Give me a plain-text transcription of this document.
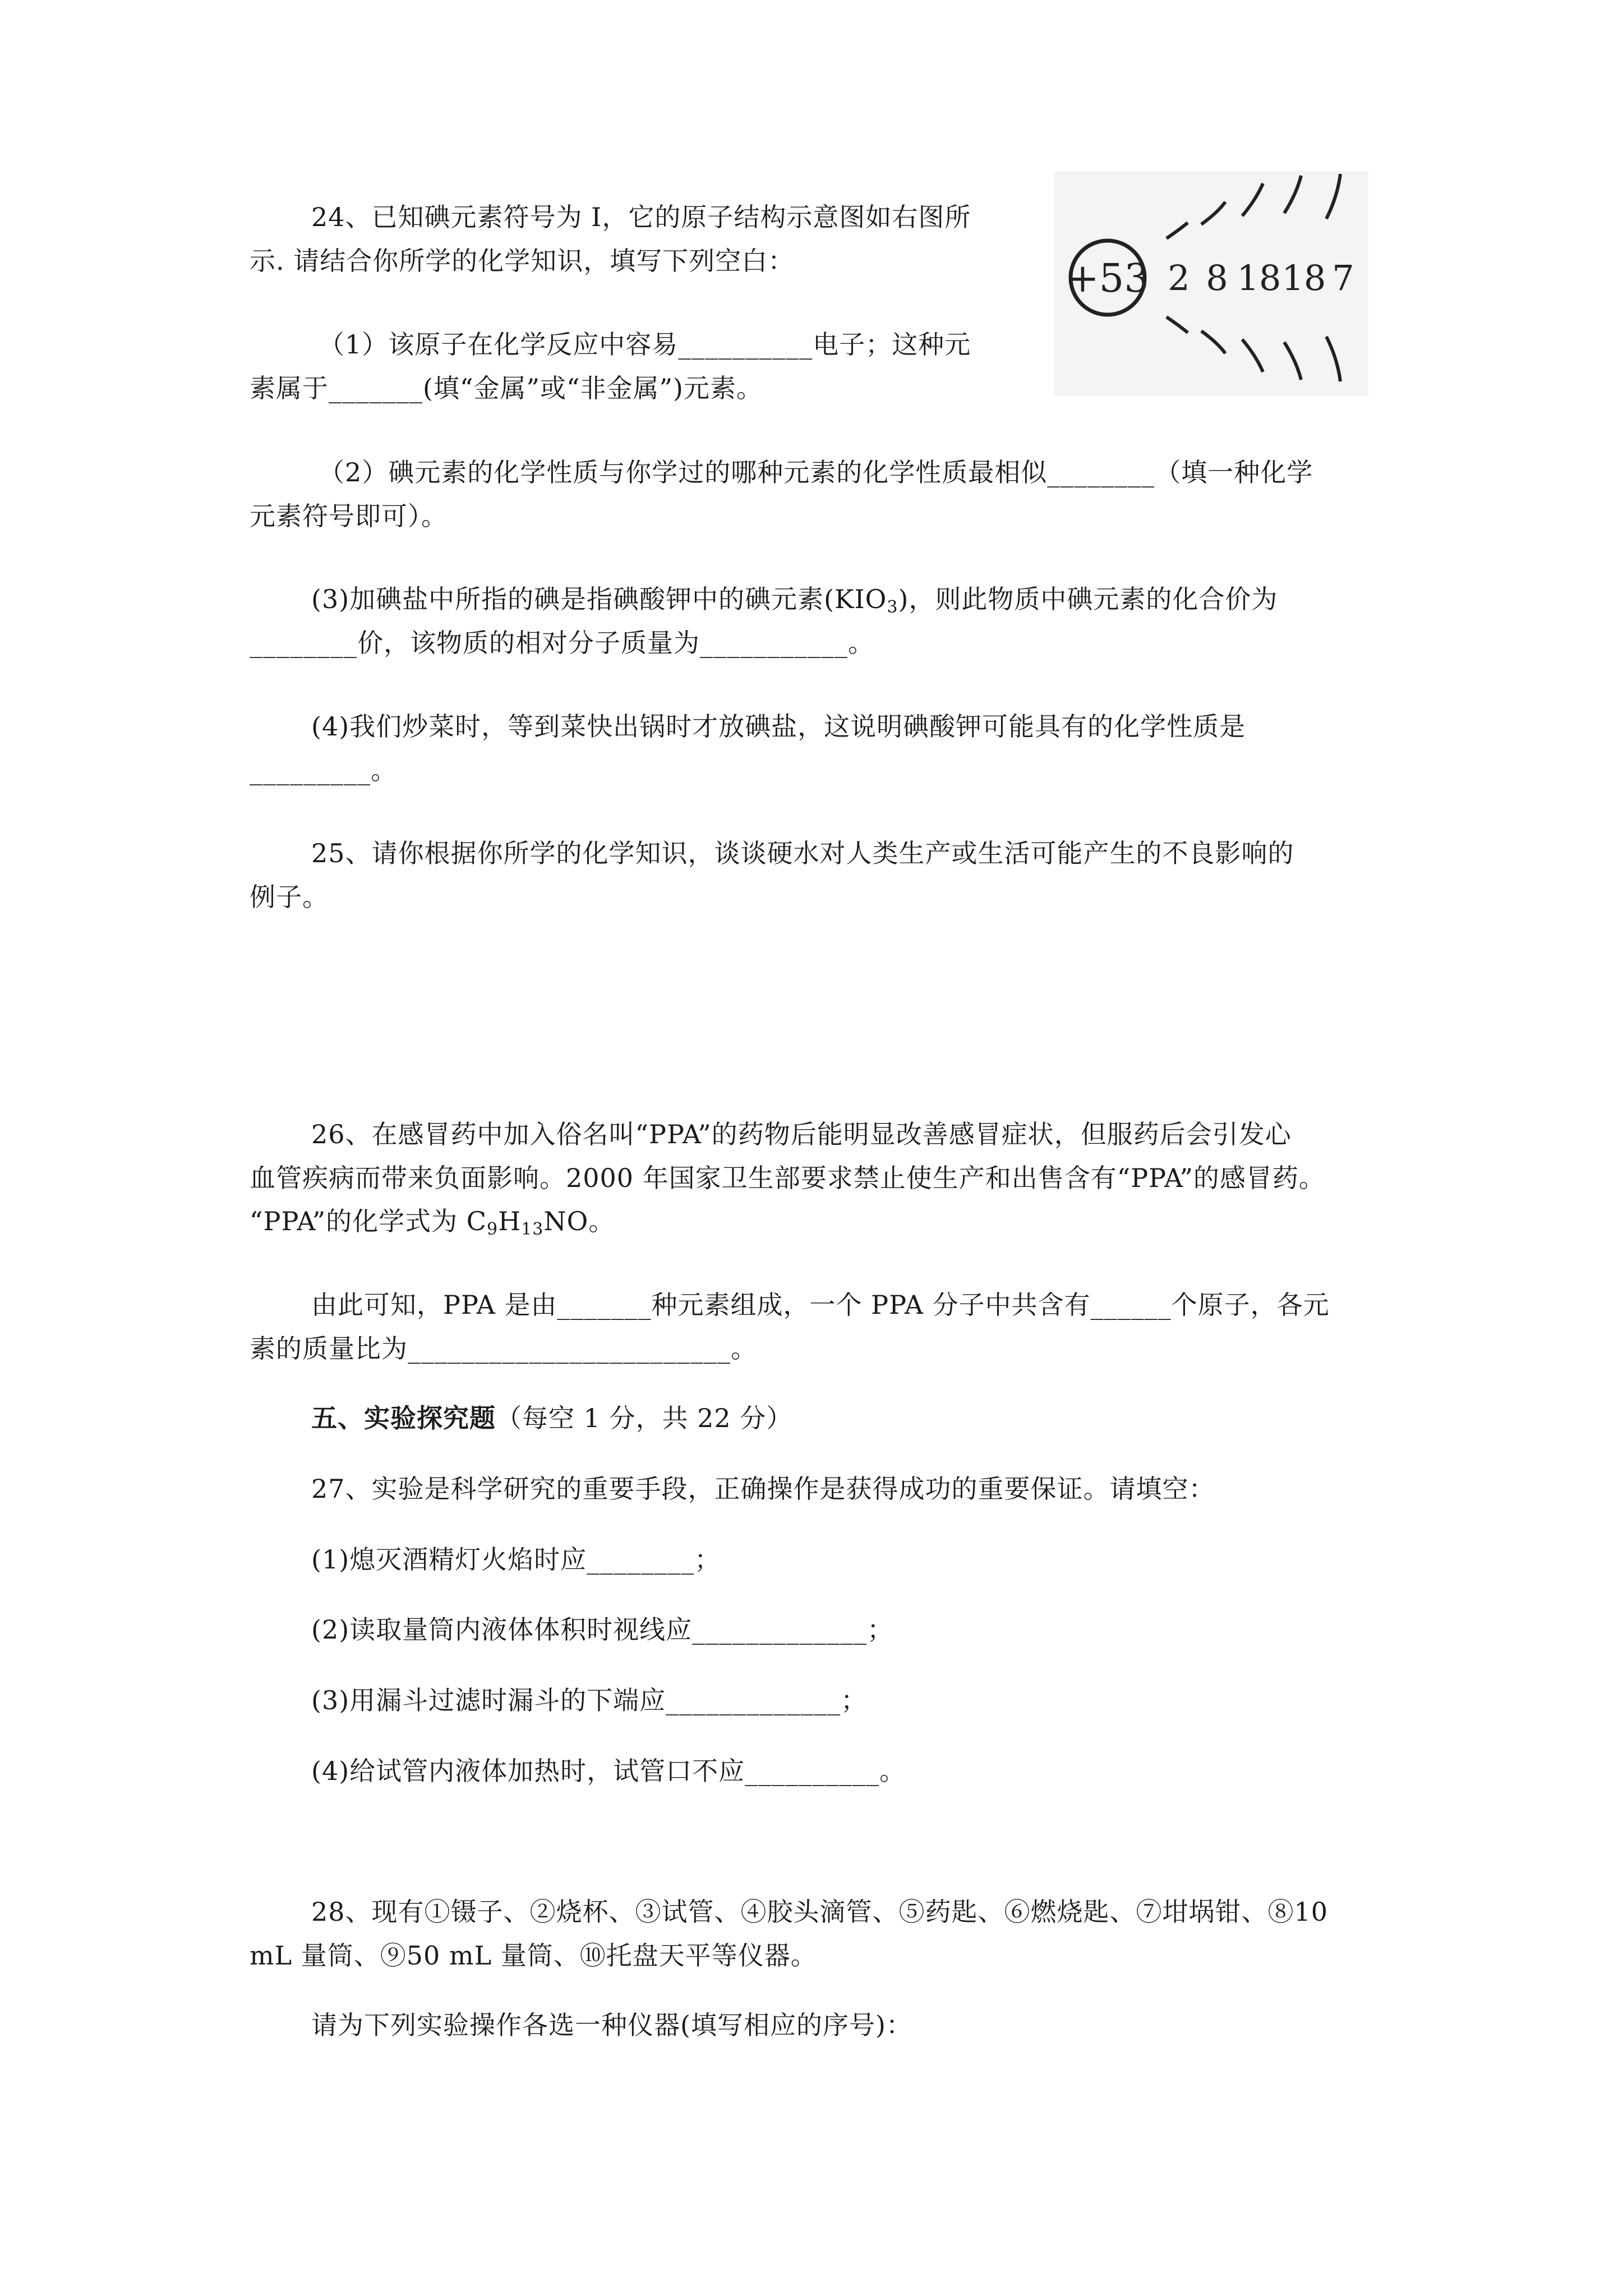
24、已知碘元素符号为 I，它的原子结构示意图如右图所
示. 请结合你所学的化学知识，填写下列空白：
（1）该原子在化学反应中容易__________电子；这种元
素属于_______(填“金属”或“非金属”)元素。
（2）碘元素的化学性质与你学过的哪种元素的化学性质最相似________（填一种化学
元素符号即可）。
(3)加碘盐中所指的碘是指碘酸钾中的碘元素$(KIO_3)$，则此物质中碘元素的化合价为
________价，该物质的相对分子质量为___________。
(4)我们炒菜时，等到菜快出锅时才放碘盐，这说明碘酸钾可能具有的化学性质是
_________。
+53 2 8 18 18 7
25、请你根据你所学的化学知识，谈谈硬水对人类生产或生活可能产生的不良影响的
例子。
26、在感冒药中加入俗名叫“PPA”的药物后能明显改善感冒症状，但服药后会引发心
血管疾病而带来负面影响。2000 年国家卫生部要求禁止使生产和出售含有“PPA”的感冒药。
“PPA”的化学式为 $C_9H_{13}NO$。
由此可知，PPA 是由_______种元素组成，一个 PPA 分子中共含有______个原子，各元
素的质量比为________________________。
五、实验探究题（每空 1 分，共 22 分）
27、实验是科学研究的重要手段，正确操作是获得成功的重要保证。请填空：
(1)熄灭酒精灯火焰时应________；
(2)读取量筒内液体体积时视线应_____________；
(3)用漏斗过滤时漏斗的下端应_____________；
(4)给试管内液体加热时，试管口不应__________。
28、现有①镊子、②烧杯、③试管、④胶头滴管、⑤药匙、⑥燃烧匙、⑦坩埚钳、⑧10
mL 量筒、⑨50 mL 量筒、⑩托盘天平等仪器。
请为下列实验操作各选一种仪器(填写相应的序号)：
